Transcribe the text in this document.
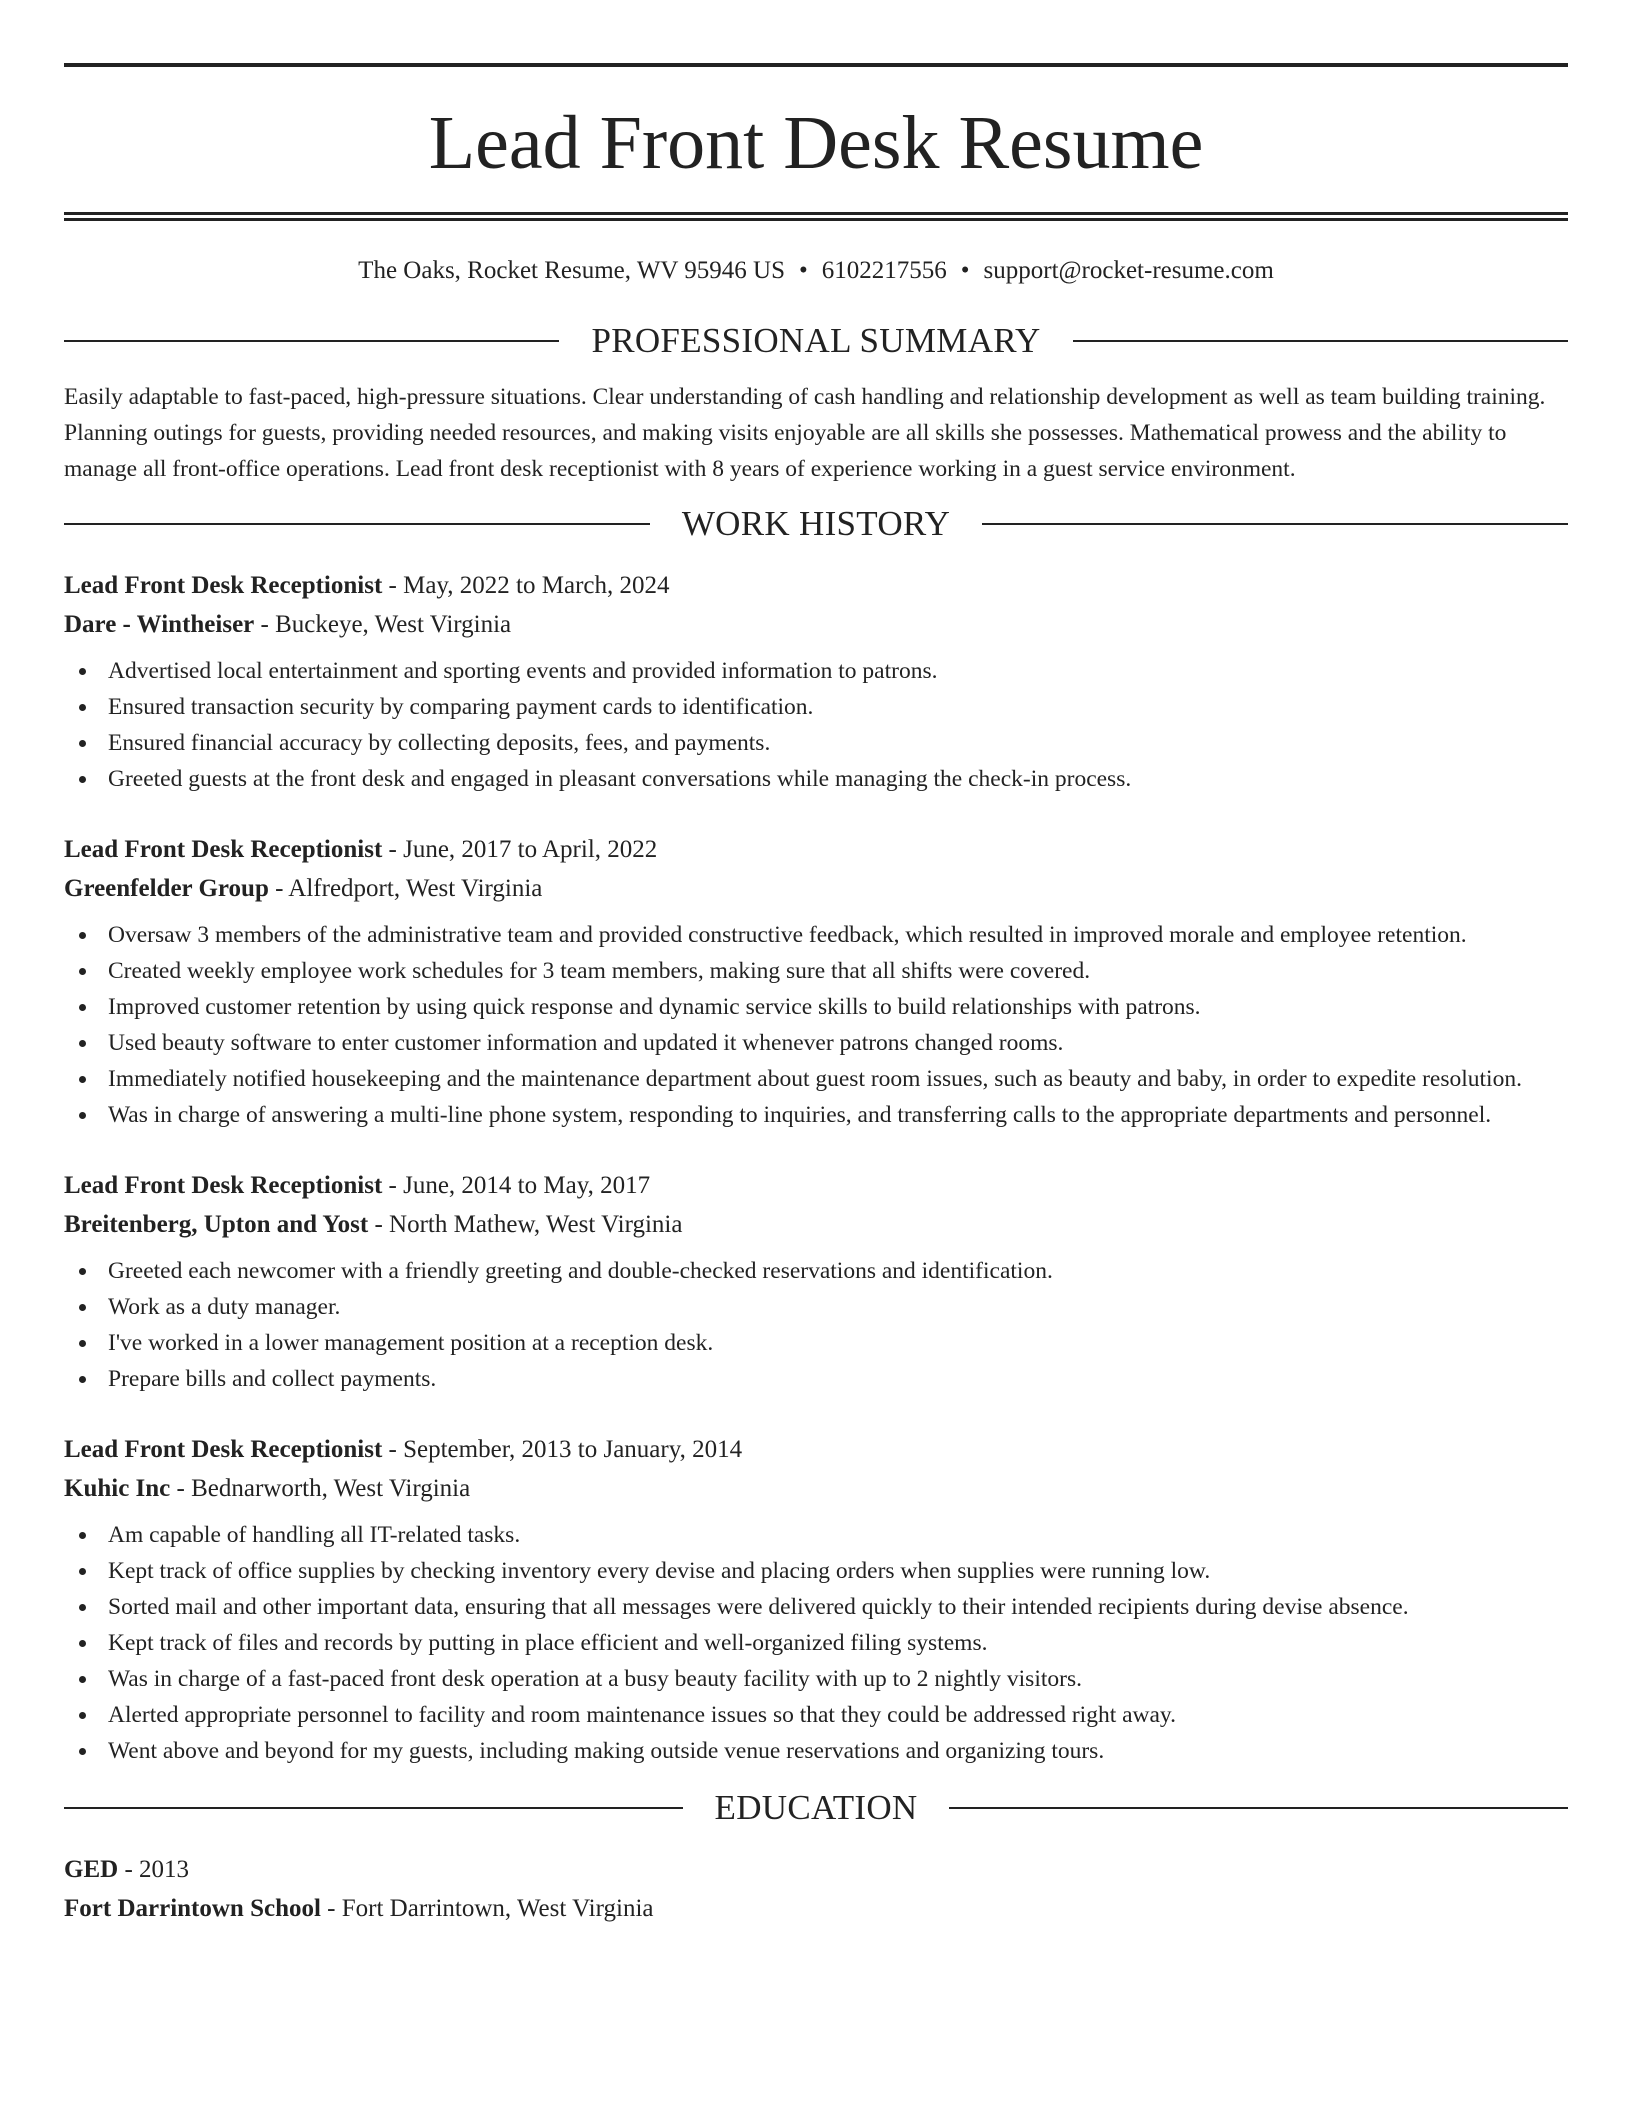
Lead Front Desk Resume
The Oaks, Rocket Resume, WV 95946 US • 6102217556 • support@rocket-resume.com
PROFESSIONAL SUMMARY

Easily adaptable to fast-paced, high-pressure situations. Clear understanding of cash handling and relationship development as well as team building training. Planning outings for guests, providing needed resources, and making visits enjoyable are all skills she possesses. Mathematical prowess and the ability to manage all front-office operations. Lead front desk receptionist with 8 years of experience working in a guest service environment.

WORK HISTORY
Lead Front Desk Receptionist - May, 2022 to March, 2024
Dare - Wintheiser - Buckeye, West Virginia
Advertised local entertainment and sporting events and provided information to patrons.
Ensured transaction security by comparing payment cards to identification.
Ensured financial accuracy by collecting deposits, fees, and payments.
Greeted guests at the front desk and engaged in pleasant conversations while managing the check-in process.
Lead Front Desk Receptionist - June, 2017 to April, 2022
Greenfelder Group - Alfredport, West Virginia
Oversaw 3 members of the administrative team and provided constructive feedback, which resulted in improved morale and employee retention.
Created weekly employee work schedules for 3 team members, making sure that all shifts were covered.
Improved customer retention by using quick response and dynamic service skills to build relationships with patrons.
Used beauty software to enter customer information and updated it whenever patrons changed rooms.
Immediately notified housekeeping and the maintenance department about guest room issues, such as beauty and baby, in order to expedite resolution.
Was in charge of answering a multi-line phone system, responding to inquiries, and transferring calls to the appropriate departments and personnel.
Lead Front Desk Receptionist - June, 2014 to May, 2017
Breitenberg, Upton and Yost - North Mathew, West Virginia
Greeted each newcomer with a friendly greeting and double-checked reservations and identification.
Work as a duty manager.
I've worked in a lower management position at a reception desk.
Prepare bills and collect payments.
Lead Front Desk Receptionist - September, 2013 to January, 2014
Kuhic Inc - Bednarworth, West Virginia
Am capable of handling all IT-related tasks.
Kept track of office supplies by checking inventory every devise and placing orders when supplies were running low.
Sorted mail and other important data, ensuring that all messages were delivered quickly to their intended recipients during devise absence.
Kept track of files and records by putting in place efficient and well-organized filing systems.
Was in charge of a fast-paced front desk operation at a busy beauty facility with up to 2 nightly visitors.
Alerted appropriate personnel to facility and room maintenance issues so that they could be addressed right away.
Went above and beyond for my guests, including making outside venue reservations and organizing tours.
EDUCATION
GED - 2013
Fort Darrintown School - Fort Darrintown, West Virginia
